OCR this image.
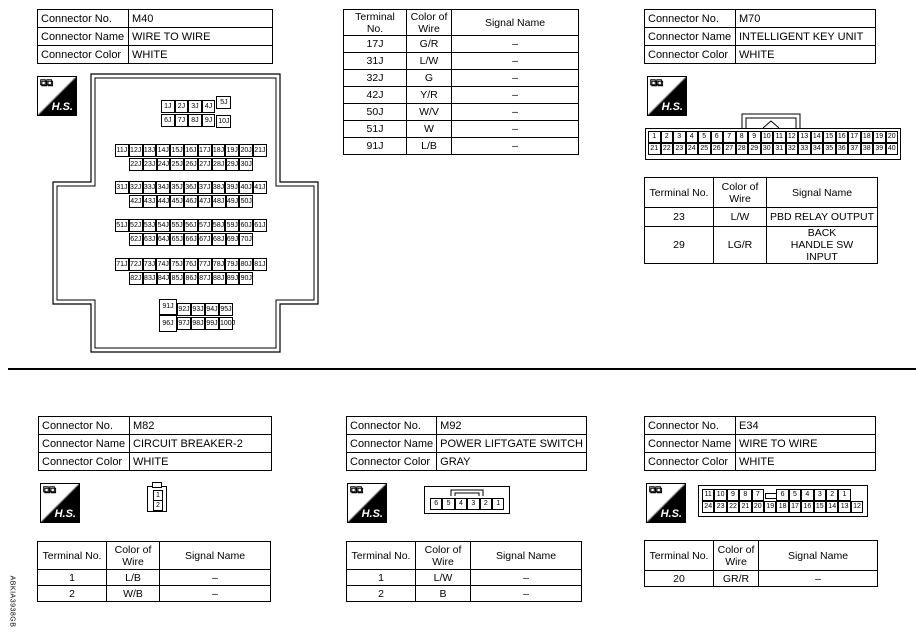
Connector No.	M40
Connector Name	WIRE TO WIRE
Connector Color	WHITE
⧉⧉
H.S.	1J 2J 3J 4J
5J
6J 7J 8J 9J 10J
11J 12J 13J 14J 15J 16J 17J 18J 19J 20J 21J
22J 23J 24J 25J 26J 27J 28J 29J 30J
31J 32J 33J 34J 35J 36J 37J 38J 39J 40J 41J
42J 43J 44J 45J 46J 47J 48J 49J 50J
51J 52J 53J 54J 55J 56J 57J 58J 59J 60J 61J
62J 63J 64J 65J 66J 67J 68J 69J 70J
71J 72J 73J 74J 75J 76J 77J 78J 79J 80J 81J
82J 83J 84J 85J 86J 87J 88J 89J 90J
91J 92J 93J 94J 95J
96J 97J 98J 99J 100J
Terminal No.	Color of Wire	Signal Name
17J	G/R	–
31J	L/W	–
32J	G	–
42J	Y/R	–
50J	W/V	–
51J	W	–
91J	L/B	–
Connector No.	M70
Connector Name	INTELLIGENT KEY UNIT
Connector Color	WHITE
⧉⧉
H.S.
1	2	3	4	5	6	7	8	9 10 11 12 13 14 15 16 17 18 19 20
21 22 23 24 25 26 27 28 29 30 31 32 33 34 35 36 37 38 39 40
Terminal No.	Color of Wire	Signal Name
23	L/W	PBD RELAY OUTPUT
29	LG/R	BACK HANDLE SW INPUT
Connector No.	M82
Connector Name	CIRCUIT BREAKER-2
Connector Color	WHITE
⧉⧉
H.S.
1
2
Terminal No.	Color of Wire	Signal Name
1	L/B	–
2	W/B	–
Connector No.	M92
Connector Name	POWER LIFTGATE SWITCH
Connector Color	GRAY
⧉⧉
H.S.
6	5	4	3	2	1
Terminal No.	Color of Wire	Signal Name
1	L/W	–
2	B	–
Connector No.	E34
Connector Name	WIRE TO WIRE
Connector Color	WHITE
⧉⧉
H.S.
11 10 9	8	7	6	5	4	3	2	1
24 23 22 21 20 19 18 17 16 15 14 13 12
Terminal No.	Color of Wire	Signal Name
20	GR/R	–
ABKIA3938GB
